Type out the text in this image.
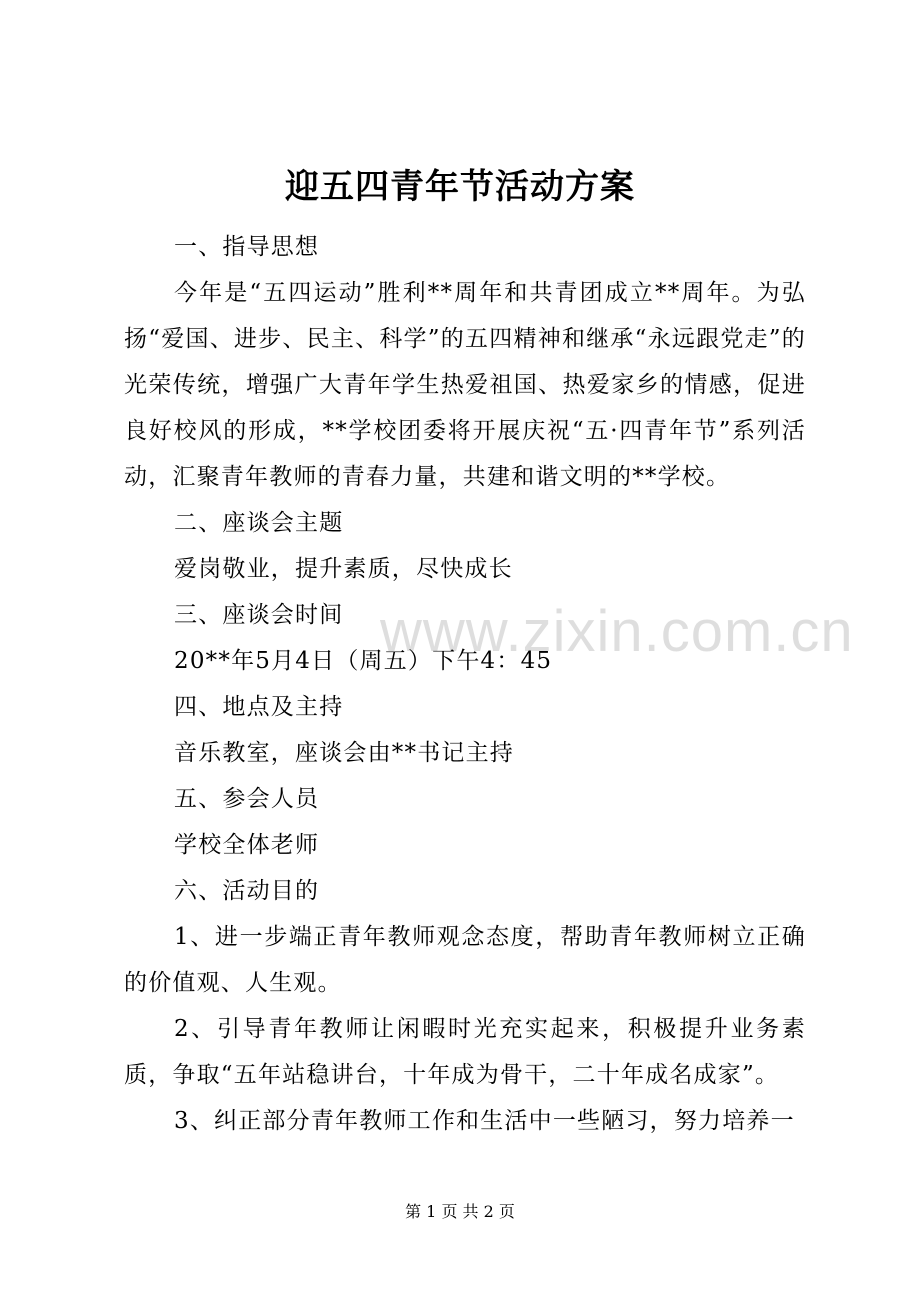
迎五四青年节活动方案

一、指导思想

今年是“五四运动”胜利**周年和共青团成立**周年。为弘扬“爱国、进步、民主、科学”的五四精神和继承“永远跟党走”的光荣传统，增强广大青年学生热爱祖国、热爱家乡的情感，促进良好校风的形成，**学校团委将开展庆祝“五·四青年节”系列活动，汇聚青年教师的青春力量，共建和谐文明的**学校。

二、座谈会主题

爱岗敬业，提升素质，尽快成长

三、座谈会时间

20**年5月4日（周五）下午4：45

四、地点及主持

音乐教室，座谈会由**书记主持

五、参会人员

学校全体老师

六、活动目的

1、进一步端正青年教师观念态度，帮助青年教师树立正确的价值观、人生观。

2、引导青年教师让闲暇时光充实起来，积极提升业务素质，争取“五年站稳讲台，十年成为骨干，二十年成名成家”。

3、纠正部分青年教师工作和生活中一些陋习，努力培养一

www.zixin.com.cn
第 1 页 共 2 页
